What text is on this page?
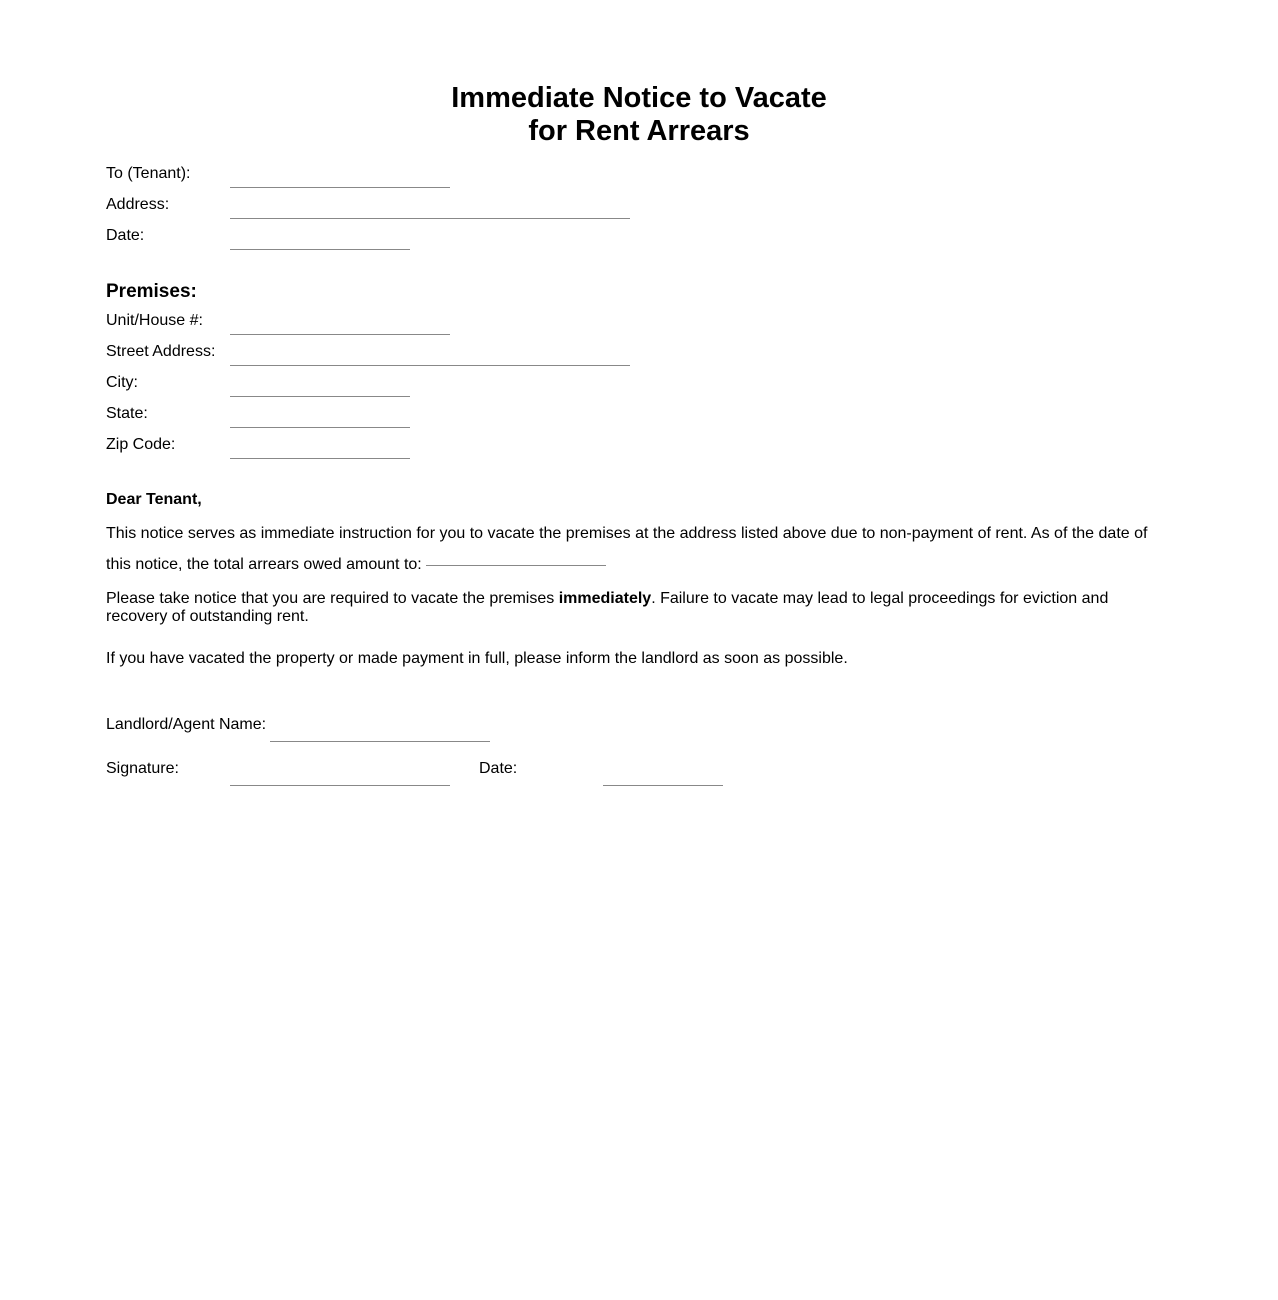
Immediate Notice to Vacate
for Rent Arrears
To (Tenant):
Address:
Date:
Premises:
Unit/House #:
Street Address:
City:
State:
Zip Code:
Dear Tenant,
This notice serves as immediate instruction for you to vacate the premises at the address listed above due to non-payment of rent. As of the date of
this notice, the total arrears owed amount to:
Please take notice that you are required to vacate the premises immediately. Failure to vacate may lead to legal proceedings for eviction and recovery of outstanding rent.
If you have vacated the property or made payment in full, please inform the landlord as soon as possible.
Landlord/Agent Name:
Signature:	Date:
